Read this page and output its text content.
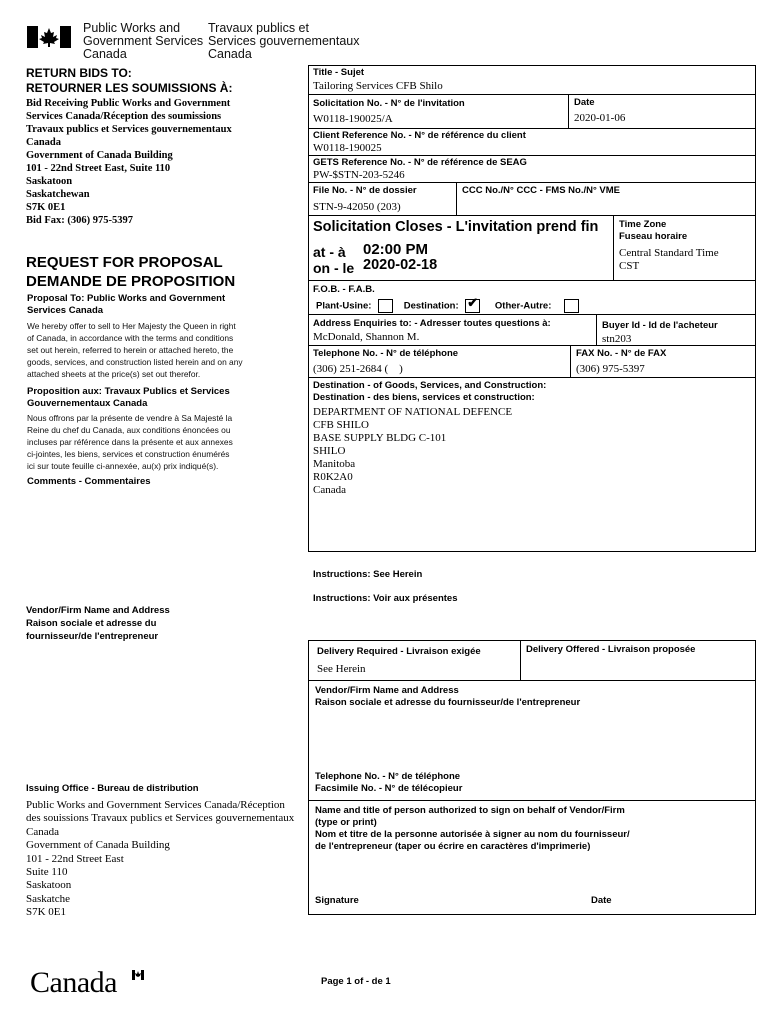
Public Works and
Government Services
Canada
Travaux publics et
Services gouvernementaux
Canada
RETURN BIDS TO:
RETOURNER LES SOUMISSIONS À:
Bid Receiving Public Works and Government
Services Canada/Réception des soumissions
Travaux publics et Services gouvernementaux
Canada
Government of Canada Building
101 - 22nd Street East, Suite 110
Saskatoon
Saskatchewan
S7K 0E1
Bid Fax: (306) 975-5397
REQUEST FOR PROPOSAL
DEMANDE DE PROPOSITION
Proposal To: Public Works and Government
Services Canada
We hereby offer to sell to Her Majesty the Queen in right
of Canada, in accordance with the terms and conditions
set out herein, referred to herein or attached hereto, the
goods, services, and construction listed herein and on any
attached sheets at the price(s) set out therefor.
Proposition aux: Travaux Publics et Services
Gouvernementaux Canada
Nous offrons par la présente de vendre à Sa Majesté la
Reine du chef du Canada, aux conditions énoncées ou
incluses par référence dans la présente et aux annexes
ci-jointes, les biens, services et construction énumérés
ici sur toute feuille ci-annexée, au(x) prix indiqué(s).
Comments - Commentaires
Vendor/Firm Name and Address
Raison sociale et adresse du
fournisseur/de l'entrepreneur
Issuing Office - Bureau de distribution
Public Works and Government Services Canada/Réception
des souissions Travaux publics et Services gouvernementaux
Canada
Government of Canada Building
101 - 22nd Street East
Suite 110
Saskatoon
Saskatche
S7K 0E1
Title - Sujet
Tailoring Services CFB Shilo
Solicitation No. - N° de l'invitation
W0118-190025/A
Date
2020-01-06
Client Reference No. - N° de référence du client
W0118-190025
GETS Reference No. - N° de référence de SEAG
PW-$STN-203-5246
File No. - N° de dossier
STN-9-42050 (203)
CCC No./N° CCC - FMS No./N° VME
Solicitation Closes - L'invitation prend fin
at - à 02:00 PM
on - le 2020-02-18
Time Zone
Fuseau horaire
Central Standard Time
CST
F.O.B. - F.A.B.
Plant-Usine:	Destination: ✔	Other-Autre:
Address Enquiries to: - Adresser toutes questions à:
McDonald, Shannon M.
Buyer Id - Id de l'acheteur
stn203
Telephone No. - N° de téléphone
(306) 251-2684 (    )
FAX No. - N° de FAX
(306) 975-5397
Destination - of Goods, Services, and Construction:
Destination - des biens, services et construction:
DEPARTMENT OF NATIONAL DEFENCE
CFB SHILO
BASE SUPPLY BLDG C-101
SHILO
Manitoba
R0K2A0
Canada
Instructions: See Herein
Instructions: Voir aux présentes
Delivery Required - Livraison exigée
See Herein
Delivery Offered - Livraison proposée
Vendor/Firm Name and Address
Raison sociale et adresse du fournisseur/de l'entrepreneur
Telephone No. - N° de téléphone
Facsimile No. - N° de télécopieur
Name and title of person authorized to sign on behalf of Vendor/Firm
(type or print)
Nom et titre de la personne autorisée à signer au nom du fournisseur/
de l'entrepreneur (taper ou écrire en caractères d'imprimerie)
Signature	Date
Canada	Page 1 of - de 1
